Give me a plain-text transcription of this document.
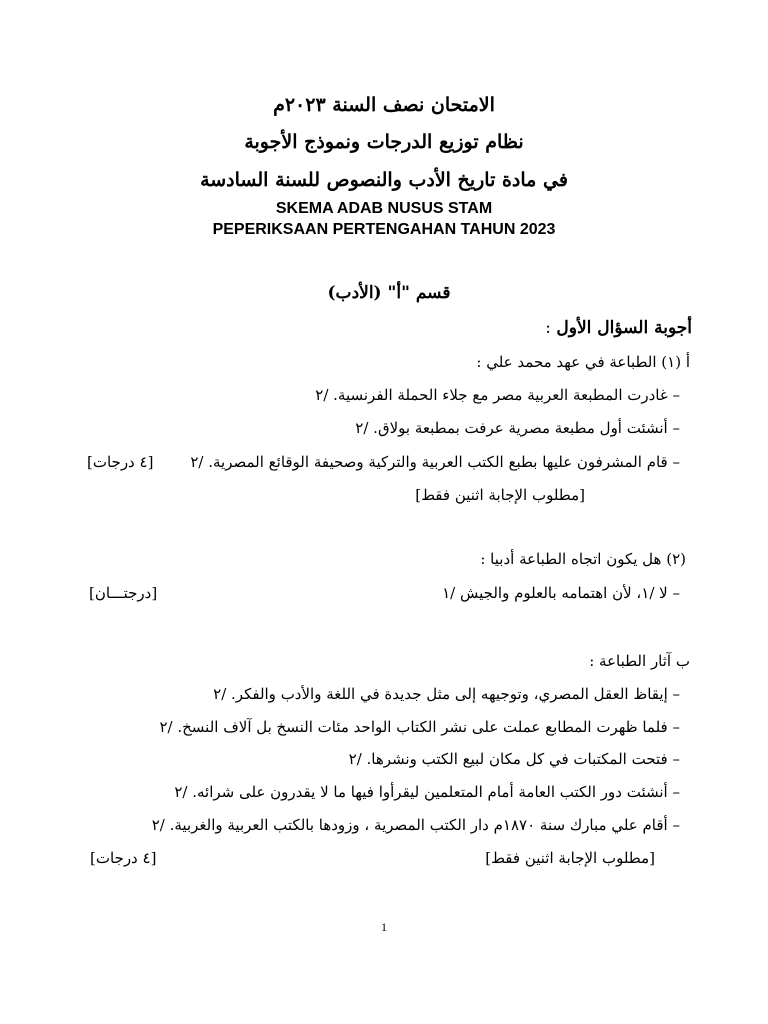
الامتحان نصف السنة ٢٠٢٣م
نظام توزيع الدرجات ونموذج الأجوبة
في مادة تاريخ الأدب والنصوص للسنة السادسة
SKEMA ADAB NUSUS STAM
PEPERIKSAAN PERTENGAHAN TAHUN 2023
قسم "أ" (الأدب)
أجوبة السؤال الأول :
أ (١) الطباعة في عهد محمد علي :
– غادرت المطبعة العربية مصر مع جلاء الحملة الفرنسية. /٢
– أنشئت أول مطبعة مصرية عرفت بمطبعة بولاق. /٢
– قام المشرفون عليها بطبع الكتب العربية والتركية وصحيفة الوقائع المصرية. /٢
[٤ درجات]
[مطلوب الإجابة اثنين فقط]
(٢) هل يكون اتجاه الطباعة أدبيا :
– لا /١، لأن اهتمامه بالعلوم والجيش /١
[درجتـــان]
ب آثار الطباعة :
– إيقاظ العقل المصري، وتوجيهه إلى مثل جديدة في اللغة والأدب والفكر. /٢
– فلما ظهرت المطابع عملت على نشر الكتاب الواحد مئات النسخ بل آلاف النسخ. /٢
– فتحت المكتبات في كل مكان لبيع الكتب ونشرها. /٢
– أنشئت دور الكتب العامة أمام المتعلمين ليقرأوا فيها ما لا يقدرون على شرائه. /٢
– أقام علي مبارك سنة ١٨٧٠م دار الكتب المصرية ، وزودها بالكتب العربية والغربية. /٢
[مطلوب الإجابة اثنين فقط]
[٤ درجات]
1
